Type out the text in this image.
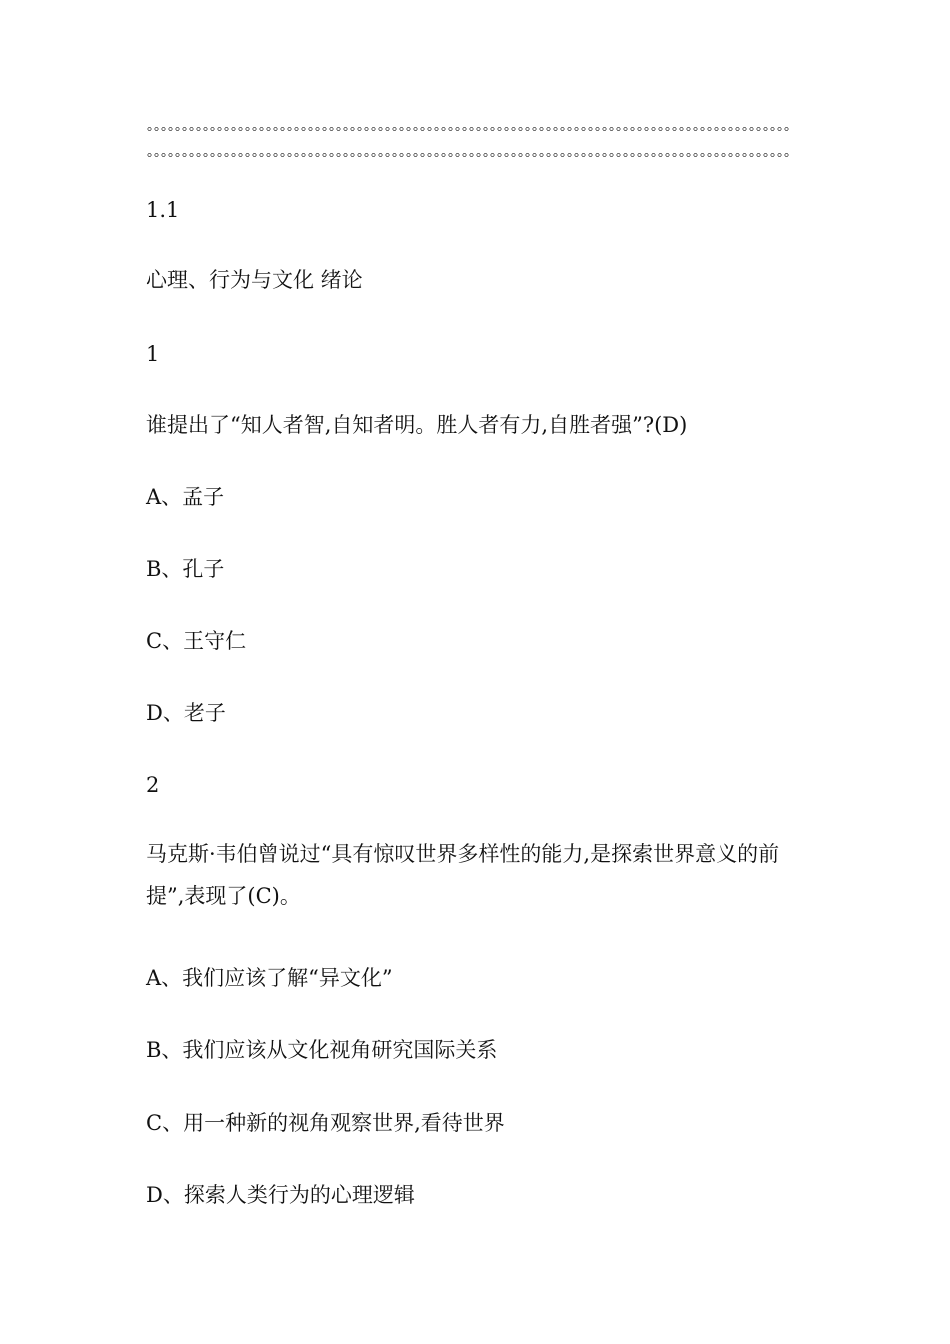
1.1
心理、行为与文化 绪论
1
谁提出了“知人者智,自知者明。胜人者有力,自胜者强”?(D)
A、孟子
B、孔子
C、王守仁
D、老子
2
马克斯·韦伯曾说过“具有惊叹世界多样性的能力,是探索世界意义的前提”,表现了(C)。
A、我们应该了解“异文化”
B、我们应该从文化视角研究国际关系
C、用一种新的视角观察世界,看待世界
D、探索人类行为的心理逻辑
